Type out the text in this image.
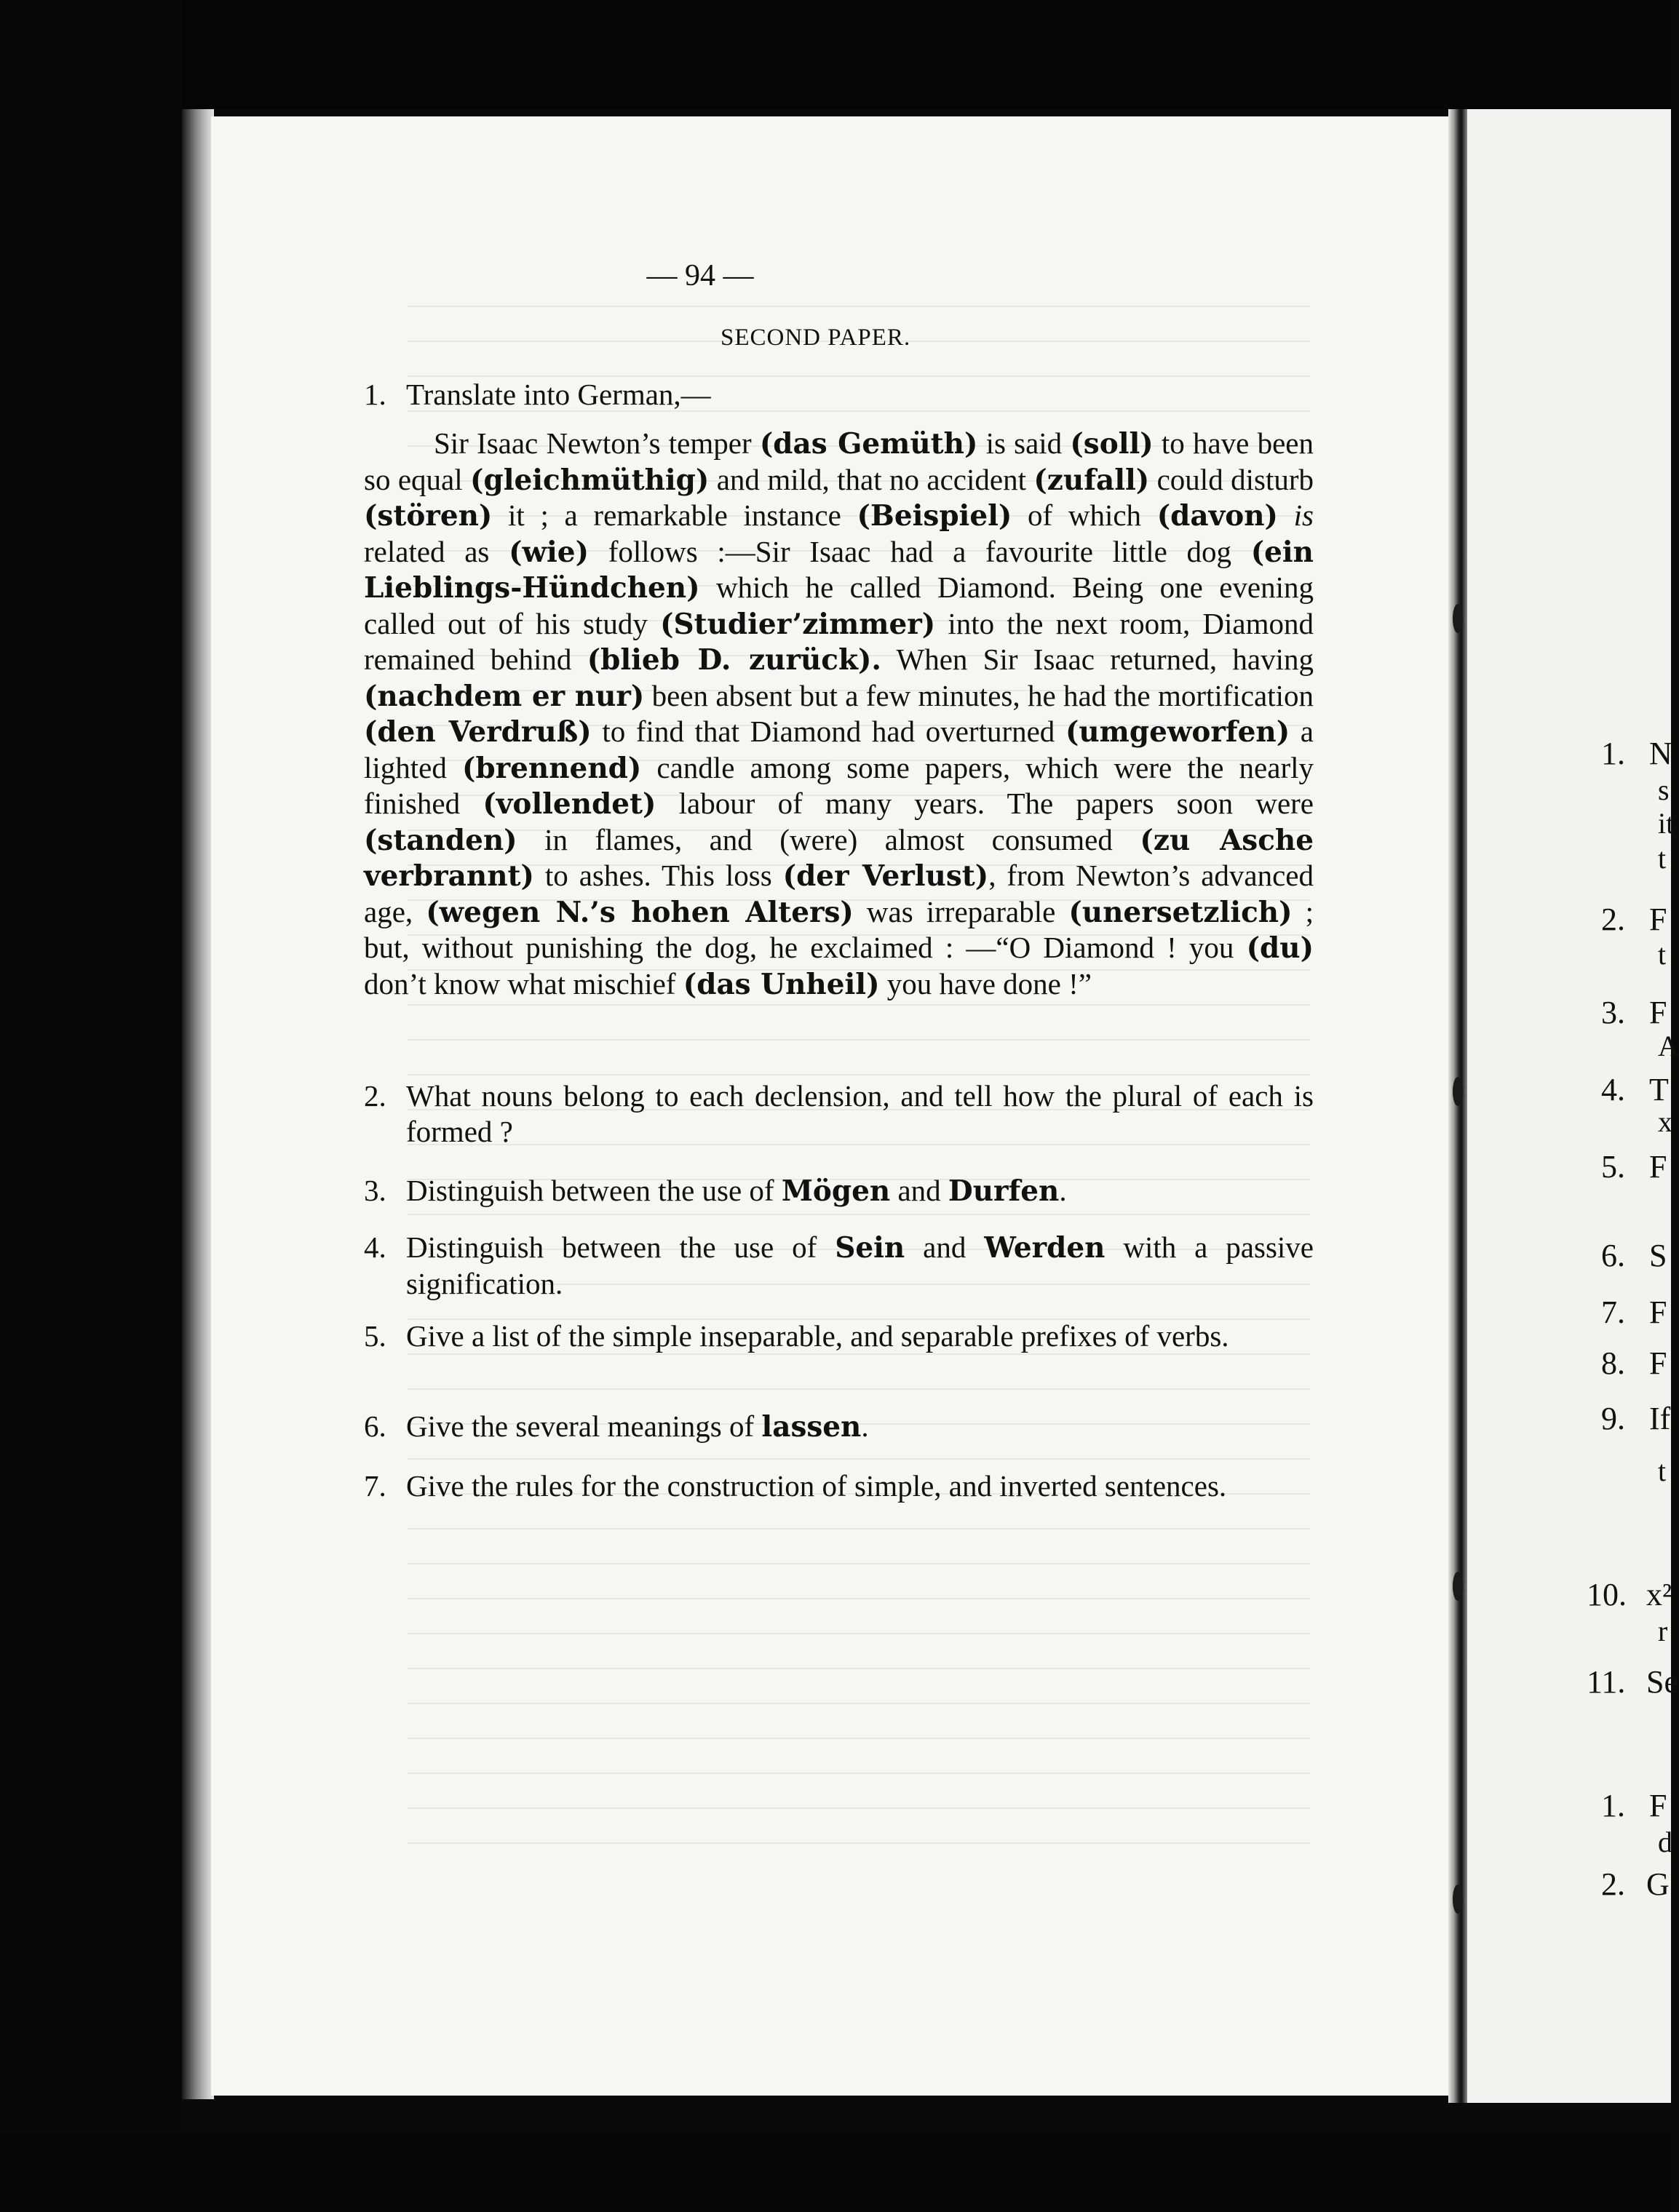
— 94 —
SECOND PAPER.
1. Translate into German,—
Sir Isaac Newton’s temper (das Gemüth) is said (soll) to have been so equal (gleichmüthig) and mild, that no accident (zufall) could disturb (stören) it ; a remarkable instance (Beispiel) of which (davon) is related as (wie) follows :—Sir Isaac had a favourite little dog (ein Lieblings-Hündchen) which he called Diamond. Being one evening called out of his study (Studier’zimmer) into the next room, Diamond remained behind (blieb D. zurück). When Sir Isaac returned, having (nachdem er nur) been absent but a few minutes, he had the mortification (den Verdruß) to find that Diamond had overturned (umgeworfen) a lighted (brennend) candle among some papers, which were the nearly finished (vollendet) labour of many years. The papers soon were (standen) in flames, and (were) almost consumed (zu Asche verbrannt) to ashes. This loss (der Verlust), from Newton’s advanced age, (wegen N.’s hohen Alters) was irreparable (unersetzlich) ; but, without punishing the dog, he exclaimed : —“O Diamond ! you (du) don’t know what mischief (das Unheil) you have done !”
2. What nouns belong to each declension, and tell how the plural of each is formed ?
3. Distinguish between the use of Mögen and Durfen.
4. Distinguish between the use of Sein and Werden with a passive signification.
5. Give a list of the simple inseparable, and separable prefixes of verbs.
6. Give the several meanings of lassen.
7. Give the rules for the construction of simple, and inverted sentences.
1. N
s
it
t
2. F
t
3. F
A
4. T
x
5. F
6. S
7. F
8. F
9. If
t
10. x²
r
11. Se
1. F
d
2. G
